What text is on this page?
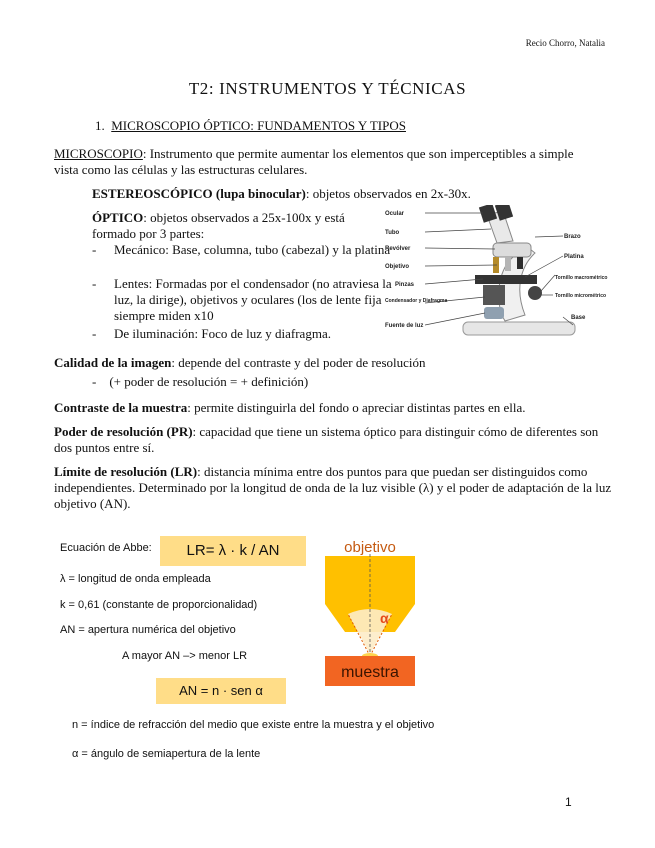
Recio Chorro, Natalia
T2: INSTRUMENTOS Y TÉCNICAS
1. MICROSCOPIO ÓPTICO: FUNDAMENTOS Y TIPOS
MICROSCOPIO: Instrumento que permite aumentar los elementos que son imperceptibles a simple vista como las células y las estructuras celulares.
ESTEREOSCÓPICO (lupa binocular): objetos observados en 2x-30x.
ÓPTICO: objetos observados a 25x-100x y está formado por 3 partes:
- Mecánico: Base, columna, tubo (cabezal) y la platina
- Lentes: Formadas por el condensador (no atraviesa la luz, la dirige), objetivos y oculares (los de lente fija siempre miden x10
- De iluminación: Foco de luz y diafragma.
Ocular
Tubo
Revólver
Objetivo
Pinzas
Condensador y Diafragma
Fuente de luz
Brazo
Platina
Tornillo macrométrico
Tornillo micrométrico
Base
Calidad de la imagen: depende del contraste y del poder de resolución
-    (+ poder de resolución = + definición)
Contraste de la muestra: permite distinguirla del fondo o apreciar distintas partes en ella.
Poder de resolución (PR): capacidad que tiene un sistema óptico para distinguir cómo de diferentes son dos puntos entre sí.
Límite de resolución (LR): distancia mínima entre dos puntos para que puedan ser distinguidos como independientes. Determinado por la longitud de onda de la luz visible (λ) y el poder de adaptación de la luz objetivo (AN).
Ecuación de Abbe:	LR= λ · k / AN
λ = longitud de onda empleada
k = 0,61 (constante de proporcionalidad)
AN = apertura numérica del objetivo
A mayor AN –> menor LR
AN = n · sen α
n = índice de refracción del medio que existe entre la muestra y el objetivo
α = ángulo de semiapertura de la lente
objetivo
α
muestra
1
